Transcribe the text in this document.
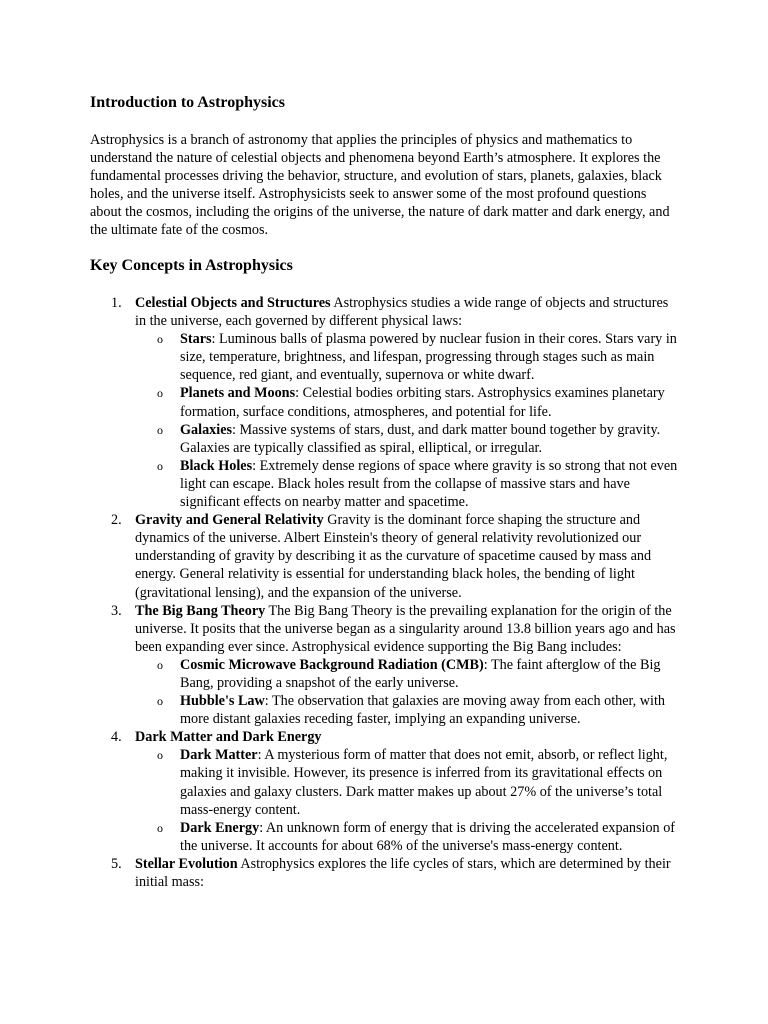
Introduction to Astrophysics

Astrophysics is a branch of astronomy that applies the principles of physics and mathematics to understand the nature of celestial objects and phenomena beyond Earth’s atmosphere. It explores the fundamental processes driving the behavior, structure, and evolution of stars, planets, galaxies, black holes, and the universe itself. Astrophysicists seek to answer some of the most profound questions about the cosmos, including the origins of the universe, the nature of dark matter and dark energy, and the ultimate fate of the cosmos.

Key Concepts in Astrophysics
1. Celestial Objects and Structures Astrophysics studies a wide range of objects and structures in the universe, each governed by different physical laws:
o Stars: Luminous balls of plasma powered by nuclear fusion in their cores. Stars vary in size, temperature, brightness, and lifespan, progressing through stages such as main sequence, red giant, and eventually, supernova or white dwarf.
o Planets and Moons: Celestial bodies orbiting stars. Astrophysics examines planetary formation, surface conditions, atmospheres, and potential for life.
o Galaxies: Massive systems of stars, dust, and dark matter bound together by gravity. Galaxies are typically classified as spiral, elliptical, or irregular.
o Black Holes: Extremely dense regions of space where gravity is so strong that not even light can escape. Black holes result from the collapse of massive stars and have significant effects on nearby matter and spacetime.
2. Gravity and General Relativity Gravity is the dominant force shaping the structure and dynamics of the universe. Albert Einstein's theory of general relativity revolutionized our understanding of gravity by describing it as the curvature of spacetime caused by mass and energy. General relativity is essential for understanding black holes, the bending of light (gravitational lensing), and the expansion of the universe.
3. The Big Bang Theory The Big Bang Theory is the prevailing explanation for the origin of the universe. It posits that the universe began as a singularity around 13.8 billion years ago and has been expanding ever since. Astrophysical evidence supporting the Big Bang includes:
o Cosmic Microwave Background Radiation (CMB): The faint afterglow of the Big Bang, providing a snapshot of the early universe.
o Hubble's Law: The observation that galaxies are moving away from each other, with more distant galaxies receding faster, implying an expanding universe.
4. Dark Matter and Dark Energy
o Dark Matter: A mysterious form of matter that does not emit, absorb, or reflect light, making it invisible. However, its presence is inferred from its gravitational effects on galaxies and galaxy clusters. Dark matter makes up about 27% of the universe’s total mass-energy content.
o Dark Energy: An unknown form of energy that is driving the accelerated expansion of the universe. It accounts for about 68% of the universe's mass-energy content.
5. Stellar Evolution Astrophysics explores the life cycles of stars, which are determined by their initial mass:
